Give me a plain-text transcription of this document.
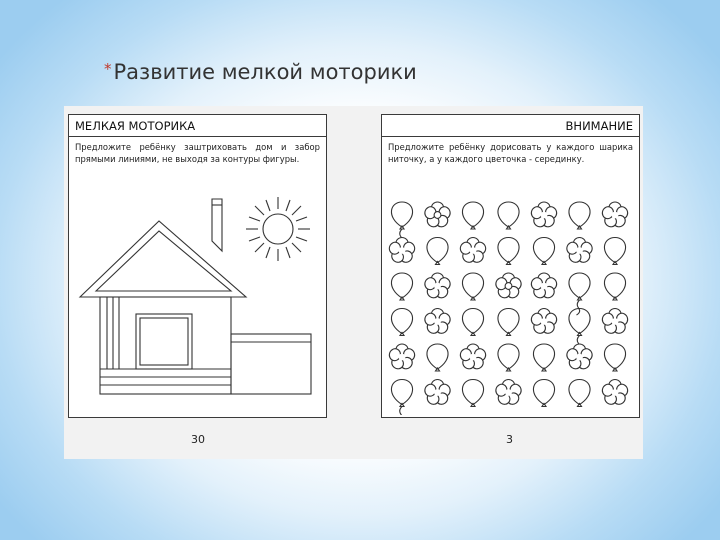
*Развитие мелкой моторики
МЕЛКАЯ МОТОРИКА

Предложите ребёнку заштриховать дом и забор прямыми линиями, не выходя за контуры фигуры.

30
ВНИМАНИЕ

Предложите ребёнку дорисовать у каждого шарика ниточку, а у каждого цветочка - серединку.

3
